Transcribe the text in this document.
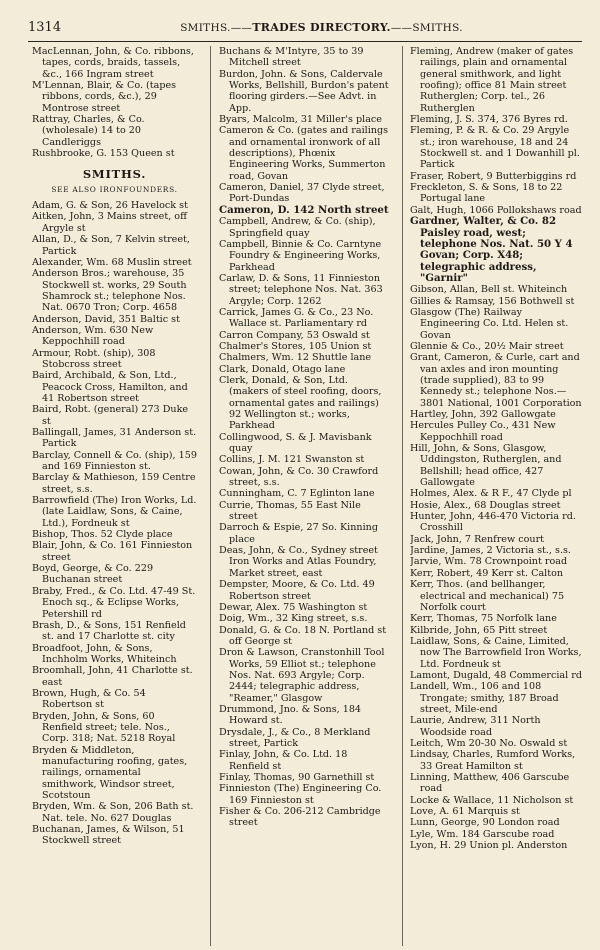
1314	SMITHS.——TRADES DIRECTORY.——SMITHS.

MacLennan, John, & Co. ribbons, tapes, cords, braids, tassels, &c., 166 Ingram street

M'Lennan, Blair, & Co. (tapes ribbons, cords, &c.), 29 Montrose street

Rattray, Charles, & Co. (wholesale) 14 to 20 Candleriggs

Rushbrooke, G. 153 Queen st

SMITHS.
SEE ALSO IRONFOUNDERS.

Adam, G. & Son, 26 Havelock st

Aitken, John, 3 Mains street, off Argyle st

Allan, D., & Son, 7 Kelvin street, Partick

Alexander, Wm. 68 Muslin street

Anderson Bros.; warehouse, 35 Stockwell st. works, 29 South Shamrock st.; telephone Nos. Nat. 0670 Tron; Corp. 4658

Anderson, David, 351 Baltic st

Anderson, Wm. 630 New Keppochhill road

Armour, Robt. (ship), 308 Stobcross street

Baird, Archibald, & Son, Ltd., Peacock Cross, Hamilton, and 41 Robertson street

Baird, Robt. (general) 273 Duke st

Ballingall, James, 31 Anderson st. Partick

Barclay, Connell & Co. (ship), 159 and 169 Finnieston st.

Barclay & Mathieson, 159 Centre street, s.s.

Barrowfield (The) Iron Works, Ld. (late Laidlaw, Sons, & Caine, Ltd.), Fordneuk st

Bishop, Thos. 52 Clyde place

Blair, John, & Co. 161 Finnieston street

Boyd, George, & Co. 229 Buchanan street

Braby, Fred., & Co. Ltd. 47-49 St. Enoch sq., & Eclipse Works, Petershill rd

Brash, D., & Sons, 151 Renfield st. and 17 Charlotte st. city

Broadfoot, John, & Sons, Inchholm Works, Whiteinch

Broomhall, John, 41 Charlotte st. east

Brown, Hugh, & Co. 54 Robertson st

Bryden, John, & Sons, 60 Renfield street; tele. Nos., Corp. 318; Nat. 5218 Royal

Bryden & Middleton, manufacturing roofing, gates, railings, ornamental smithwork, Windsor street, Scotstoun

Bryden, Wm. & Son, 206 Bath st. Nat. tele. No. 627 Douglas

Buchanan, James, & Wilson, 51 Stockwell street

Buchans & M'Intyre, 35 to 39 Mitchell street

Burdon, John. & Sons, Caldervale Works, Bellshill, Burdon's patent flooring girders.—See Advt. in App.

Byars, Malcolm, 31 Miller's place

Cameron & Co. (gates and railings and ornamental ironwork of all descriptions), Phœnix Engineering Works, Summerton road, Govan

Cameron, Daniel, 37 Clyde street, Port-Dundas

Cameron, D. 142 North street

Campbell, Andrew, & Co. (ship), Springfield quay

Campbell, Binnie & Co. Carntyne Foundry & Engineering Works, Parkhead

Carlaw, D. & Sons, 11 Finnieston street; telephone Nos. Nat. 363 Argyle; Corp. 1262

Carrick, James G. & Co., 23 No. Wallace st. Parliamentary rd

Carron Company, 53 Oswald st

Chalmer's Stores, 105 Union st

Chalmers, Wm. 12 Shuttle lane

Clark, Donald, Otago lane

Clerk, Donald, & Son, Ltd. (makers of steel roofing, doors, ornamental gates and railings) 92 Wellington st.; works, Parkhead

Collingwood, S. & J. Mavisbank quay

Collins, J. M. 121 Swanston st

Cowan, John, & Co. 30 Crawford street, s.s.

Cunningham, C. 7 Eglinton lane

Currie, Thomas, 55 East Nile street

Darroch & Espie, 27 So. Kinning place

Deas, John, & Co., Sydney street Iron Works and Atlas Foundry, Market street, east

Dempster, Moore, & Co. Ltd. 49 Robertson street

Dewar, Alex. 75 Washington st

Doig, Wm., 32 King street, s.s.

Donald, G. & Co. 18 N. Portland st off George st

Dron & Lawson, Cranstonhill Tool Works, 59 Elliot st.; telephone Nos. Nat. 693 Argyle; Corp. 2444; telegraphic address, "Reamer," Glasgow

Drummond, Jno. & Sons, 184 Howard st.

Drysdale, J., & Co., 8 Merkland street, Partick

Finlay, John, & Co. Ltd. 18 Renfield st

Finlay, Thomas, 90 Garnethill st

Finnieston (The) Engineering Co. 169 Finnieston st

Fisher & Co. 206-212 Cambridge street

Fleming, Andrew (maker of gates railings, plain and ornamental general smithwork, and light roofing); office 81 Main street Rutherglen; Corp. tel., 26 Rutherglen

Fleming, J. S. 374, 376 Byres rd.

Fleming, P. & R. & Co. 29 Argyle st.; iron warehouse, 18 and 24 Stockwell st. and 1 Dowanhill pl. Partick

Fraser, Robert, 9 Butterbiggins rd

Freckleton, S. & Sons, 18 to 22 Portugal lane

Galt, Hugh, 1066 Pollokshaws road

Gardner, Walter, & Co. 82 Paisley road, west; telephone Nos. Nat. 50 Y 4 Govan; Corp. X48; telegraphic address, "Garnir"

Gibson, Allan, Bell st. Whiteinch

Gillies & Ramsay, 156 Bothwell st

Glasgow (The) Railway Engineering Co. Ltd. Helen st. Govan

Glennie & Co., 20½ Mair street

Grant, Cameron, & Curle, cart and van axles and iron mounting (trade supplied), 83 to 99 Kennedy st.; telephone Nos.—3801 National, 1001 Corporation

Hartley, John, 392 Gallowgate

Hercules Pulley Co., 431 New Keppochhill road

Hill, John, & Sons, Glasgow, Uddingston, Rutherglen, and Bellshill; head office, 427 Gallowgate

Holmes, Alex. & R F., 47 Clyde pl

Hosie, Alex., 68 Douglas street

Hunter, John, 446-470 Victoria rd. Crosshill

Jack, John, 7 Renfrew court

Jardine, James, 2 Victoria st., s.s.

Jarvie, Wm. 78 Crownpoint road

Kerr, Robert, 49 Kerr st. Calton

Kerr, Thos. (and bellhanger, electrical and mechanical) 75 Norfolk court

Kerr, Thomas, 75 Norfolk lane

Kilbride, John, 65 Pitt street

Laidlaw, Sons, & Caine, Limited, now The Barrowfield Iron Works, Ltd. Fordneuk st

Lamont, Dugald, 48 Commercial rd

Landell, Wm., 106 and 108 Trongate; smithy, 187 Broad street, Mile-end

Laurie, Andrew, 311 North Woodside road

Leitch, Wm 20-30 No. Oswald st

Lindsay, Charles, Rumford Works, 33 Great Hamilton st

Linning, Matthew, 406 Garscube road

Locke & Wallace, 11 Nicholson st

Love, A. 61 Marquis st

Lunn, George, 90 London road

Lyle, Wm. 184 Garscube road

Lyon, H. 29 Union pl. Anderston
